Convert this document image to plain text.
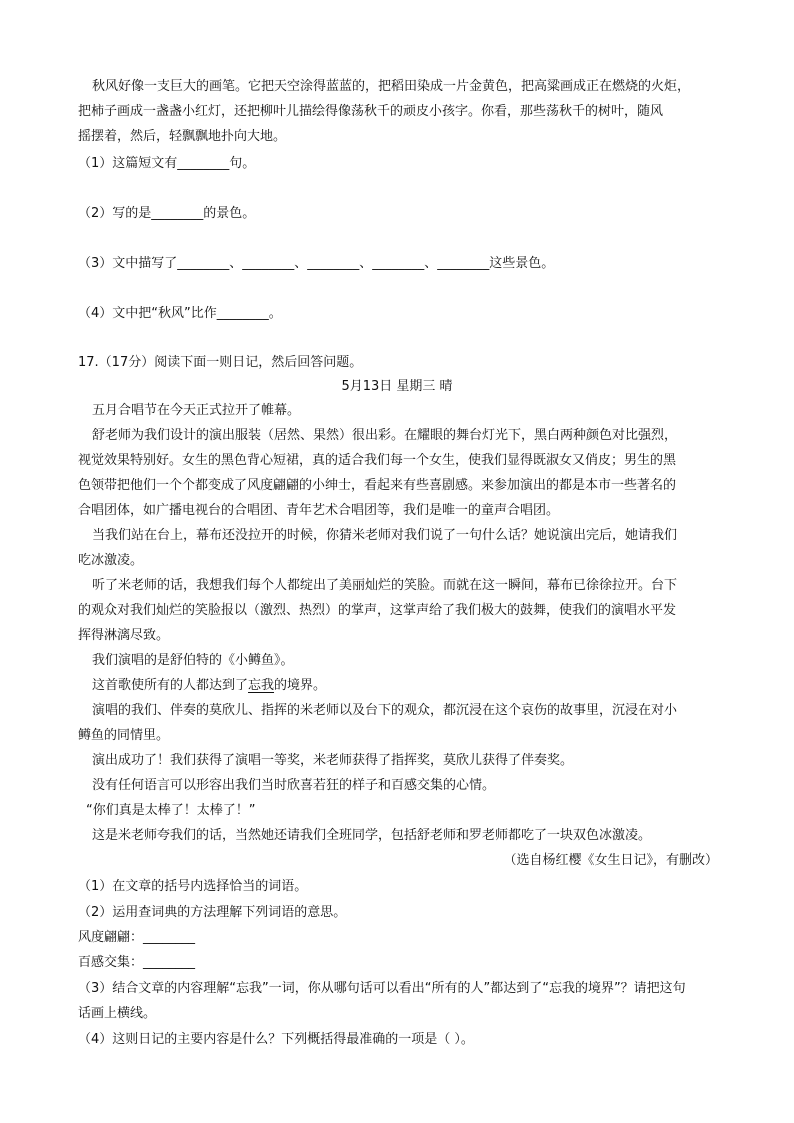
秋风好像一支巨大的画笔。它把天空涂得蓝蓝的，把稻田染成一片金黄色，把高粱画成正在燃烧的火炬，
把柿子画成一盏盏小红灯，还把柳叶儿描绘得像荡秋千的顽皮小孩字。你看，那些荡秋千的树叶，随风
摇摆着，然后，轻飘飘地扑向大地。
（1）这篇短文有________句。
（2）写的是________的景色。
（3）文中描写了________、________、________、________、________这些景色。
（4）文中把“秋风”比作________。
17.（17分）阅读下面一则日记，然后回答问题。
5月13日 星期三 晴
五月合唱节在今天正式拉开了帷幕。
舒老师为我们设计的演出服装（居然、果然）很出彩。在耀眼的舞台灯光下，黑白两种颜色对比强烈，
视觉效果特别好。女生的黑色背心短裙，真的适合我们每一个女生，使我们显得既淑女又俏皮；男生的黑
色领带把他们一个个都变成了风度翩翩的小绅士，看起来有些喜剧感。来参加演出的都是本市一些著名的
合唱团体，如广播电视台的合唱团、青年艺术合唱团等，我们是唯一的童声合唱团。
当我们站在台上，幕布还没拉开的时候，你猜米老师对我们说了一句什么话？她说演出完后，她请我们
吃冰激凌。
听了米老师的话，我想我们每个人都绽出了美丽灿烂的笑脸。而就在这一瞬间，幕布已徐徐拉开。台下
的观众对我们灿烂的笑脸报以（激烈、热烈）的掌声，这掌声给了我们极大的鼓舞，使我们的演唱水平发
挥得淋漓尽致。
我们演唱的是舒伯特的《小鳟鱼》。
这首歌使所有的人都达到了忘我的境界。
演唱的我们、伴奏的莫欣儿、指挥的米老师以及台下的观众，都沉浸在这个哀伤的故事里，沉浸在对小
鳟鱼的同情里。
演出成功了！我们获得了演唱一等奖，米老师获得了指挥奖，莫欣儿获得了伴奏奖。
没有任何语言可以形容出我们当时欣喜若狂的样子和百感交集的心情。
“你们真是太棒了！太棒了！”
这是米老师夸我们的话，当然她还请我们全班同学，包括舒老师和罗老师都吃了一块双色冰激凌。
（选自杨红樱《女生日记》，有删改）
（1）在文章的括号内选择恰当的词语。
（2）运用查词典的方法理解下列词语的意思。
风度翩翩：________
百感交集：________
（3）结合文章的内容理解“忘我”一词，你从哪句话可以看出“所有的人”都达到了“忘我的境界”？请把这句
话画上横线。
（4）这则日记的主要内容是什么？下列概括得最准确的一项是（ ）。
